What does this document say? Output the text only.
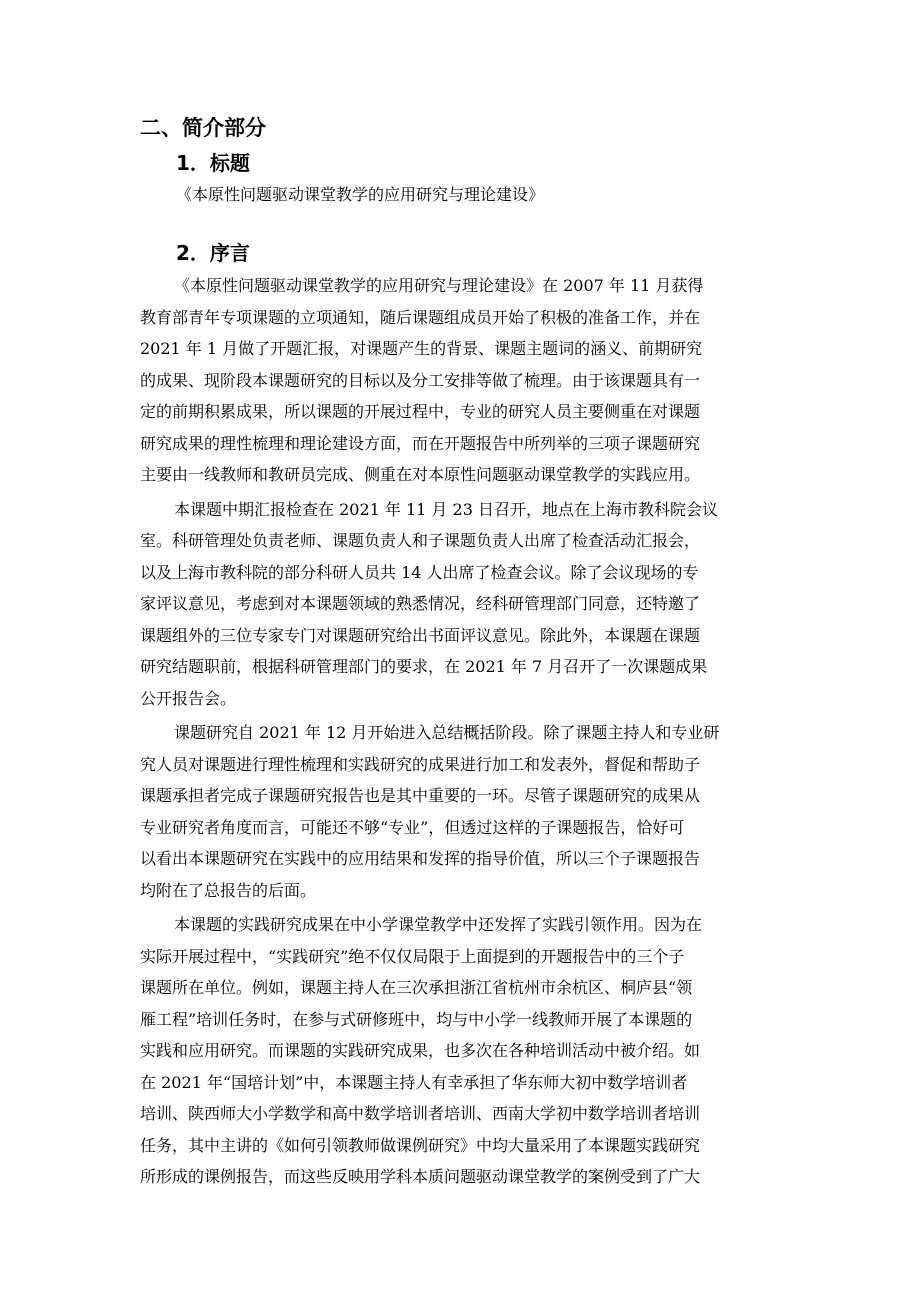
二、简介部分
1．标题

《本原性问题驱动课堂教学的应用研究与理论建设》

2．序言

《本原性问题驱动课堂教学的应用研究与理论建设》在 2007 年 11 月获得
教育部青年专项课题的立项通知，随后课题组成员开始了积极的准备工作，并在
2021 年 1 月做了开题汇报，对课题产生的背景、课题主题词的涵义、前期研究
的成果、现阶段本课题研究的目标以及分工安排等做了梳理。由于该课题具有一
定的前期积累成果，所以课题的开展过程中，专业的研究人员主要侧重在对课题
研究成果的理性梳理和理论建设方面，而在开题报告中所列举的三项子课题研究
主要由一线教师和教研员完成、侧重在对本原性问题驱动课堂教学的实践应用。

本课题中期汇报检查在 2021 年 11 月 23 日召开，地点在上海市教科院会议
室。科研管理处负责老师、课题负责人和子课题负责人出席了检查活动汇报会，
以及上海市教科院的部分科研人员共 14 人出席了检查会议。除了会议现场的专
家评议意见，考虑到对本课题领域的熟悉情况，经科研管理部门同意，还特邀了
课题组外的三位专家专门对课题研究给出书面评议意见。除此外，本课题在课题
研究结题职前，根据科研管理部门的要求，在 2021 年 7 月召开了一次课题成果
公开报告会。

课题研究自 2021 年 12 月开始进入总结概括阶段。除了课题主持人和专业研
究人员对课题进行理性梳理和实践研究的成果进行加工和发表外，督促和帮助子
课题承担者完成子课题研究报告也是其中重要的一环。尽管子课题研究的成果从
专业研究者角度而言，可能还不够“专业”，但透过这样的子课题报告，恰好可
以看出本课题研究在实践中的应用结果和发挥的指导价值，所以三个子课题报告
均附在了总报告的后面。

本课题的实践研究成果在中小学课堂教学中还发挥了实践引领作用。因为在
实际开展过程中，“实践研究”绝不仅仅局限于上面提到的开题报告中的三个子
课题所在单位。例如，课题主持人在三次承担浙江省杭州市余杭区、桐庐县“领
雁工程”培训任务时，在参与式研修班中，均与中小学一线教师开展了本课题的
实践和应用研究。而课题的实践研究成果，也多次在各种培训活动中被介绍。如
在 2021 年“国培计划”中，本课题主持人有幸承担了华东师大初中数学培训者
培训、陕西师大小学数学和高中数学培训者培训、西南大学初中数学培训者培训
任务，其中主讲的《如何引领教师做课例研究》中均大量采用了本课题实践研究
所形成的课例报告，而这些反映用学科本质问题驱动课堂教学的案例受到了广大
